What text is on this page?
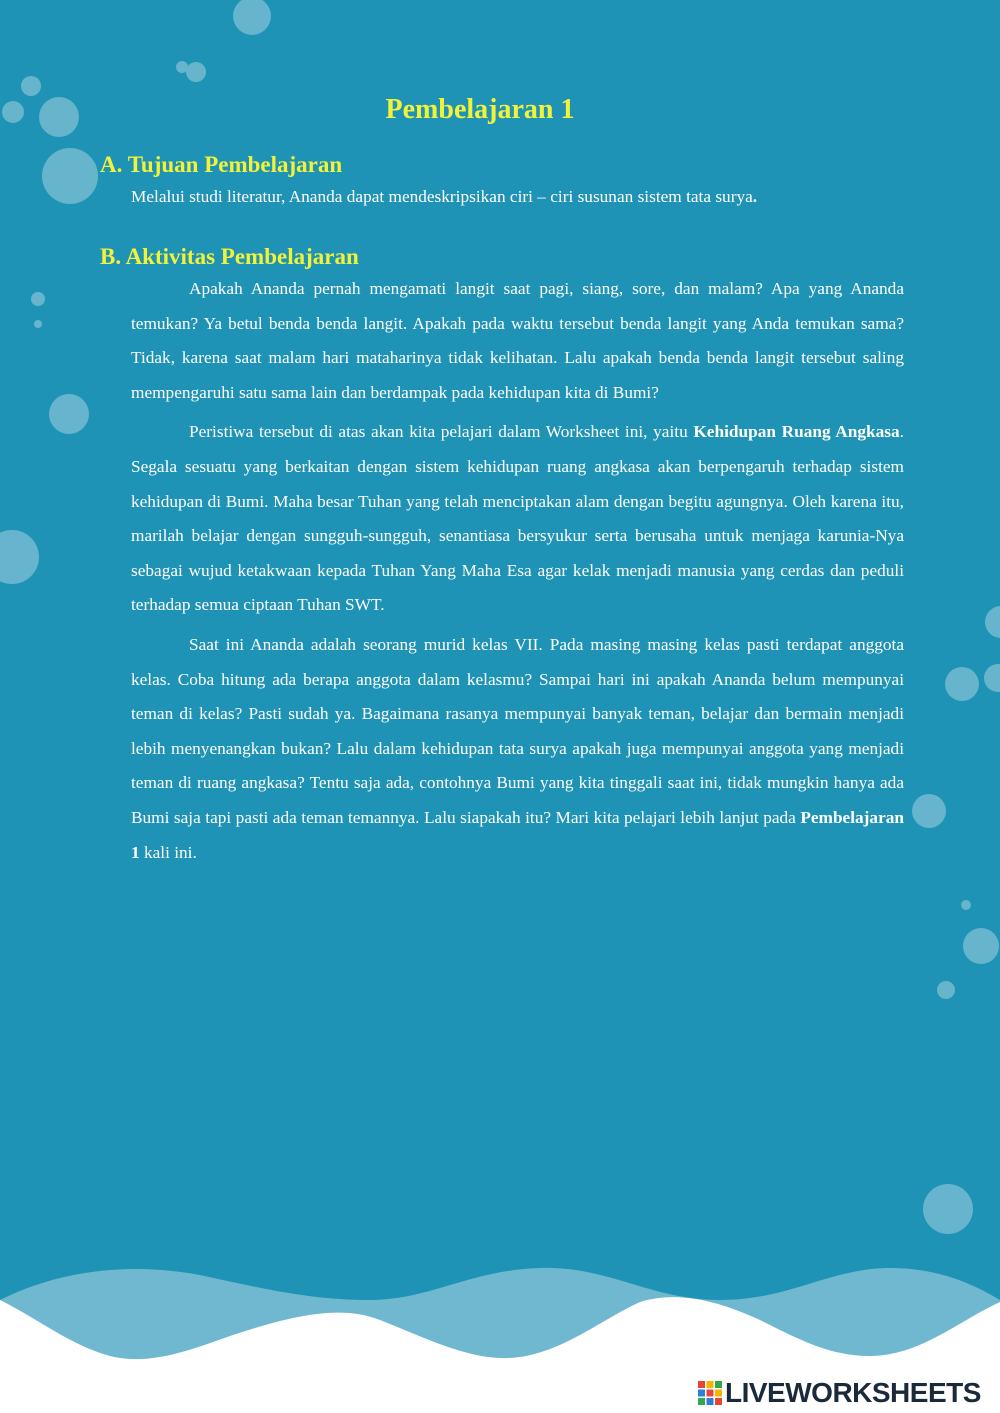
Pembelajaran 1
A. Tujuan Pembelajaran
Melalui studi literatur, Ananda dapat mendeskripsikan ciri – ciri susunan sistem tata surya.
B. Aktivitas Pembelajaran

Apakah Ananda pernah mengamati langit saat pagi, siang, sore, dan malam? Apa yang Ananda temukan? Ya betul benda benda langit. Apakah pada waktu tersebut benda langit yang Anda temukan sama? Tidak, karena saat malam hari mataharinya tidak kelihatan. Lalu apakah benda benda langit tersebut saling mempengaruhi satu sama lain dan berdampak pada kehidupan kita di Bumi?

Peristiwa tersebut di atas akan kita pelajari dalam Worksheet ini, yaitu Kehidupan Ruang Angkasa. Segala sesuatu yang berkaitan dengan sistem kehidupan ruang angkasa akan berpengaruh terhadap sistem kehidupan di Bumi. Maha besar Tuhan yang telah menciptakan alam dengan begitu agungnya. Oleh karena itu, marilah belajar dengan sungguh-sungguh, senantiasa bersyukur serta berusaha untuk menjaga karunia-Nya sebagai wujud ketakwaan kepada Tuhan Yang Maha Esa agar kelak menjadi manusia yang cerdas dan peduli terhadap semua ciptaan Tuhan SWT.

Saat ini Ananda adalah seorang murid kelas VII. Pada masing masing kelas pasti terdapat anggota kelas. Coba hitung ada berapa anggota dalam kelasmu? Sampai hari ini apakah Ananda belum mempunyai teman di kelas? Pasti sudah ya. Bagaimana rasanya mempunyai banyak teman, belajar dan bermain menjadi lebih menyenangkan bukan? Lalu dalam kehidupan tata surya apakah juga mempunyai anggota yang menjadi teman di ruang angkasa? Tentu saja ada, contohnya Bumi yang kita tinggali saat ini, tidak mungkin hanya ada Bumi saja tapi pasti ada teman temannya. Lalu siapakah itu? Mari kita pelajari lebih lanjut pada Pembelajaran 1 kali ini.

LIVEWORKSHEETS
